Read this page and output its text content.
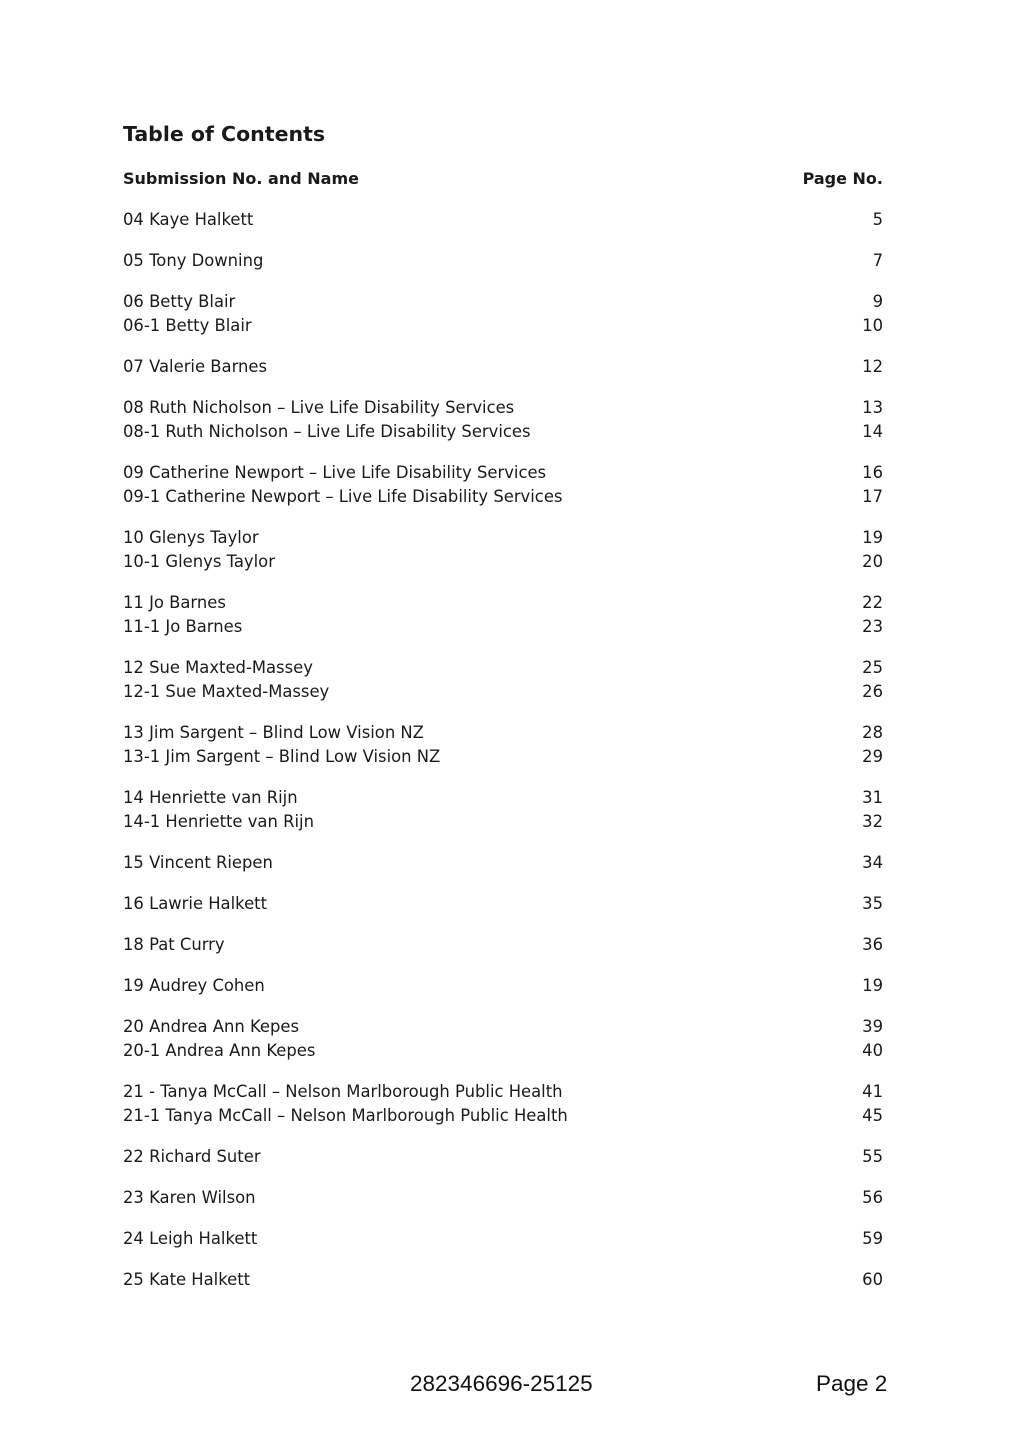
Table of Contents
Submission No. and Name	Page No.
04 Kaye Halkett	5
05 Tony Downing	7
06 Betty Blair	9
06-1 Betty Blair	10
07 Valerie Barnes	12
08 Ruth Nicholson – Live Life Disability Services	13
08-1 Ruth Nicholson – Live Life Disability Services	14
09 Catherine Newport – Live Life Disability Services	16
09-1 Catherine Newport – Live Life Disability Services	17
10 Glenys Taylor	19
10-1 Glenys Taylor	20
11 Jo Barnes	22
11-1 Jo Barnes	23
12 Sue Maxted-Massey	25
12-1 Sue Maxted-Massey	26
13 Jim Sargent – Blind Low Vision NZ	28
13-1 Jim Sargent – Blind Low Vision NZ	29
14 Henriette van Rijn	31
14-1 Henriette van Rijn	32
15 Vincent Riepen	34
16 Lawrie Halkett	35
18 Pat Curry	36
19 Audrey Cohen	19
20 Andrea Ann Kepes	39
20-1 Andrea Ann Kepes	40
21 - Tanya McCall – Nelson Marlborough Public Health	41
21-1 Tanya McCall – Nelson Marlborough Public Health	45
22 Richard Suter	55
23 Karen Wilson	56
24 Leigh Halkett	59
25 Kate Halkett	60
282346696-25125	Page 2
